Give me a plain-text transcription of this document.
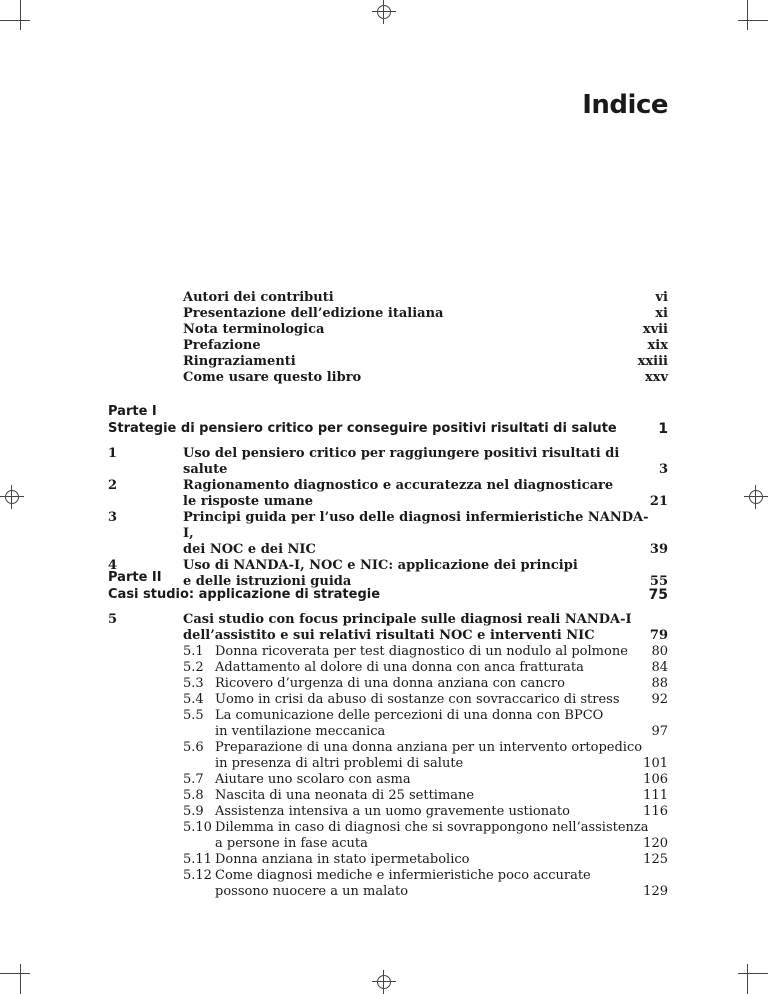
Indice
Autori dei contributi	vi
Presentazione dell’edizione italiana	xi
Nota terminologica	xvii
Prefazione	xix
Ringraziamenti	xxiii
Come usare questo libro	xxv
Parte I
Strategie di pensiero critico per conseguire positivi risultati di salute	1
1	Uso del pensiero critico per raggiungere positivi risultati di salute	3
2	Ragionamento diagnostico e accuratezza nel diagnosticare
le risposte umane	21
3	Principi guida per l’uso delle diagnosi infermieristiche NANDA-I,
dei NOC e dei NIC	39
4	Uso di NANDA-I, NOC e NIC: applicazione dei principi
e delle istruzioni guida	55
Parte II
Casi studio: applicazione di strategie	75
5	Casi studio con focus principale sulle diagnosi reali NANDA-I
dell’assistito e sui relativi risultati NOC e interventi NIC	79
5.1 Donna ricoverata per test diagnostico di un nodulo al polmone	80
5.2 Adattamento al dolore di una donna con anca fratturata	84
5.3 Ricovero d’urgenza di una donna anziana con cancro	88
5.4 Uomo in crisi da abuso di sostanze con sovraccarico di stress	92
5.5 La comunicazione delle percezioni di una donna con BPCO
in ventilazione meccanica	97
5.6 Preparazione di una donna anziana per un intervento ortopedico
in presenza di altri problemi di salute	101
5.7 Aiutare uno scolaro con asma	106
5.8 Nascita di una neonata di 25 settimane	111
5.9 Assistenza intensiva a un uomo gravemente ustionato	116
5.10 Dilemma in caso di diagnosi che si sovrappongono nell’assistenza
a persone in fase acuta	120
5.11 Donna anziana in stato ipermetabolico	125
5.12 Come diagnosi mediche e infermieristiche poco accurate
possono nuocere a un malato	129
